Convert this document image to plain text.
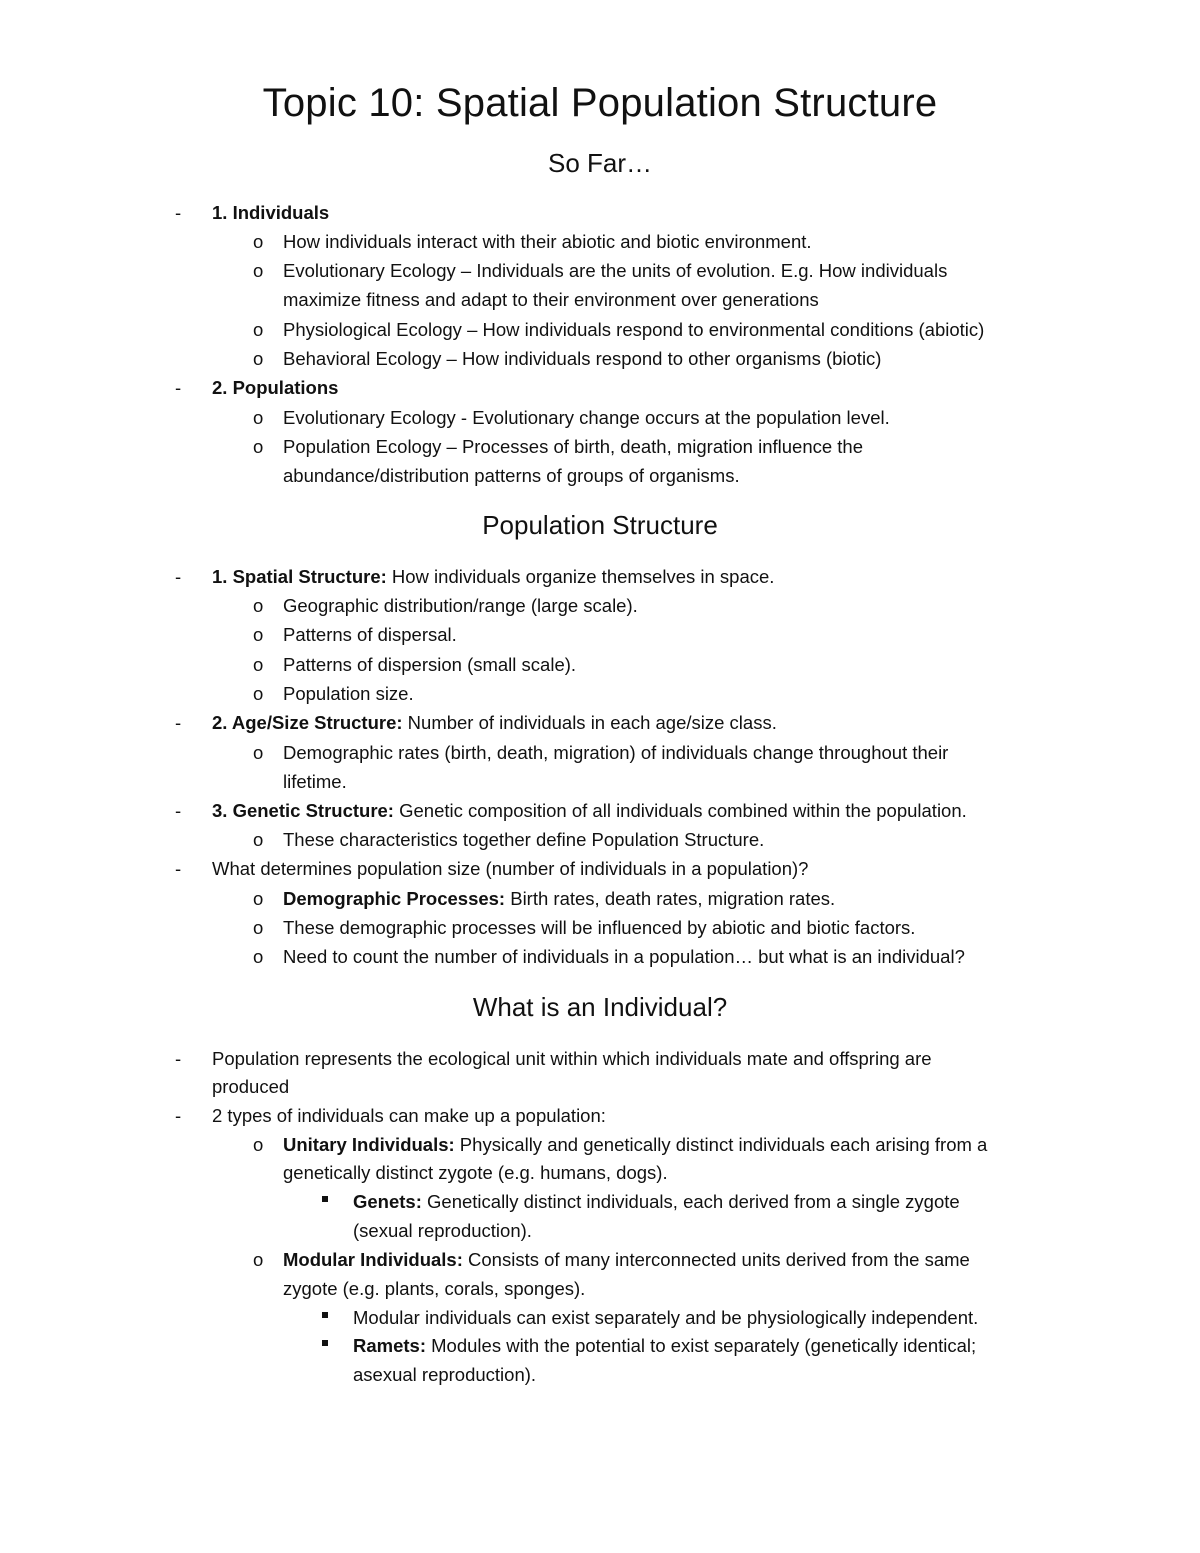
Topic 10: Spatial Population Structure
So Far…
- 1. Individuals
o How individuals interact with their abiotic and biotic environment.
o Evolutionary Ecology – Individuals are the units of evolution. E.g. How individuals
maximize fitness and adapt to their environment over generations
o Physiological Ecology – How individuals respond to environmental conditions (abiotic)
o Behavioral Ecology – How individuals respond to other organisms (biotic)
- 2. Populations
o Evolutionary Ecology - Evolutionary change occurs at the population level.
o Population Ecology – Processes of birth, death, migration influence the
abundance/distribution patterns of groups of organisms.
Population Structure
- 1. Spatial Structure: How individuals organize themselves in space.
o Geographic distribution/range (large scale).
o Patterns of dispersal.
o Patterns of dispersion (small scale).
o Population size.
- 2. Age/Size Structure: Number of individuals in each age/size class.
o Demographic rates (birth, death, migration) of individuals change throughout their
lifetime.
- 3. Genetic Structure: Genetic composition of all individuals combined within the population.
o These characteristics together define Population Structure.
- What determines population size (number of individuals in a population)?
o Demographic Processes: Birth rates, death rates, migration rates.
o These demographic processes will be influenced by abiotic and biotic factors.
o Need to count the number of individuals in a population… but what is an individual?
What is an Individual?
- Population represents the ecological unit within which individuals mate and offspring are
produced
- 2 types of individuals can make up a population:
o Unitary Individuals: Physically and genetically distinct individuals each arising from a
genetically distinct zygote (e.g. humans, dogs).
Genets: Genetically distinct individuals, each derived from a single zygote
(sexual reproduction).
o Modular Individuals: Consists of many interconnected units derived from the same
zygote (e.g. plants, corals, sponges).
Modular individuals can exist separately and be physiologically independent.
Ramets: Modules with the potential to exist separately (genetically identical;
asexual reproduction).
